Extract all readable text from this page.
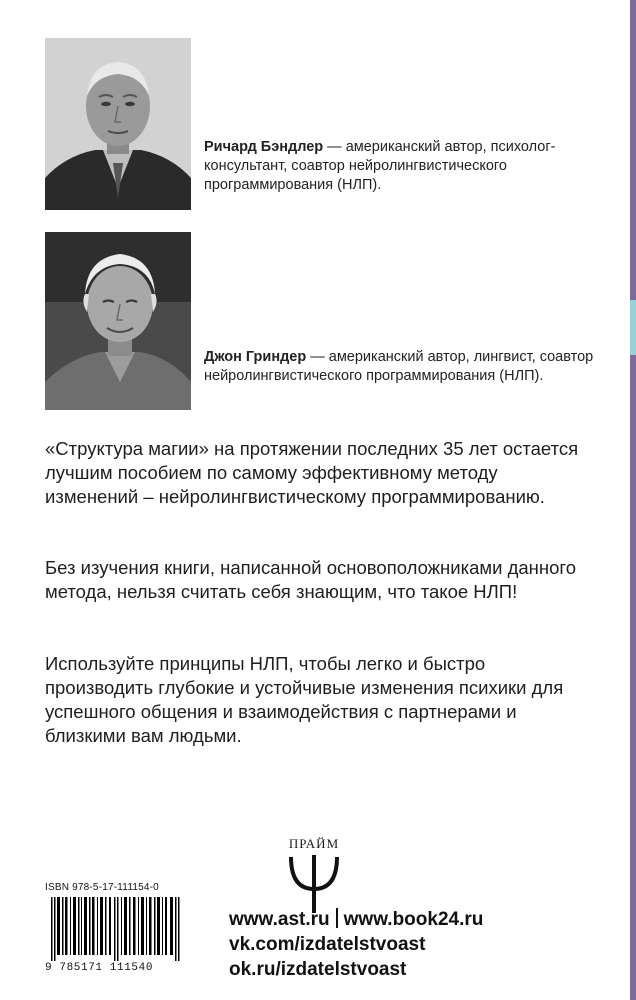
Ричард Бэндлер — американский автор, психолог-консультант, соавтор нейролингвистического программирования (НЛП).
Джон Гриндер — американский автор, лингвист, соавтор нейролингвистического программирования (НЛП).
«Структура магии» на протяжении последних 35 лет остается лучшим пособием по самому эффективному методу изменений – нейролингвистическому программированию.
Без изучения книги, написанной основоположниками данного метода, нельзя считать себя знающим, что такое НЛП!
Используйте принципы НЛП, чтобы легко и быстро производить глубокие и устойчивые изменения психики для успешного общения и взаимодействия с партнерами и близкими вам людьми.
ПРАЙМ
ISBN 978-5-17-111154-0
9 785171 111540
www.ast.ru www.book24.ru
vk.com/izdatelstvoast
ok.ru/izdatelstvoast
